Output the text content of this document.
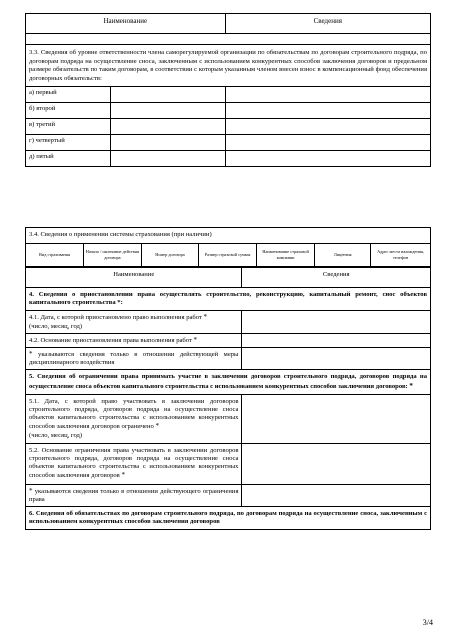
Наименование		Сведения

3.3. Сведения об уровне ответственности члена саморегулируемой организации по обязательствам по договорам строительного подряда, по договорам подряда на осуществление сноса, заключенным с использованием конкурентных способов заключения договоров и предельном размере обязательств по таким договорам, в соответствии с которым указанным членом внесен взнос в компенсационный фонд обеспечения договорных обязательств:		
а) первый		
б) второй		
в) третий		
г) четвертый		
д) пятый		
3.4. Сведения о применении системы страхования (при наличии)
Вид страхования	Начало / окончание действия договора	Номер договора	Размер страховой суммы	Наименование страховой компании	Лицензия	Адрес места нахождения, телефон
Наименование	Сведения
4. Сведения о приостановлении права осуществлять строительство, реконструкцию, капитальный ремонт, снос объектов капитального строительства *:	
4.1. Дата, с которой приостановлено право выполнения работ *
(число, месяц, год)	
4.2. Основание приостановления права выполнения работ *	
* указываются сведения только в отношении действующей меры дисциплинарного воздействия	
5. Сведения об ограничении права принимать участие в заключении договоров строительного подряда, договоров подряда на осуществление сноса объектов капитального строительства с использованием конкурентных способов заключения договоров: *	
5.1. Дата, с которой право участвовать в заключении договоров строительного подряда, договоров подряда на осуществление сноса объектов капитального строительства с использованием конкурентных способов заключения договоров ограничено *
(число, месяц, год)	
5.2. Основание ограничения права участвовать в заключении договоров строительного подряда, договоров подряда на осуществление сноса объектов капитального строительства с использованием конкурентных способов заключения договоров *	
* указываются сведения только в отношении действующего ограничения права	
6. Сведения об обязательствах по договорам строительного подряда, по договорам подряда на осуществление сноса, заключенным с использованием конкурентных способов заключения договоров	
3/4
